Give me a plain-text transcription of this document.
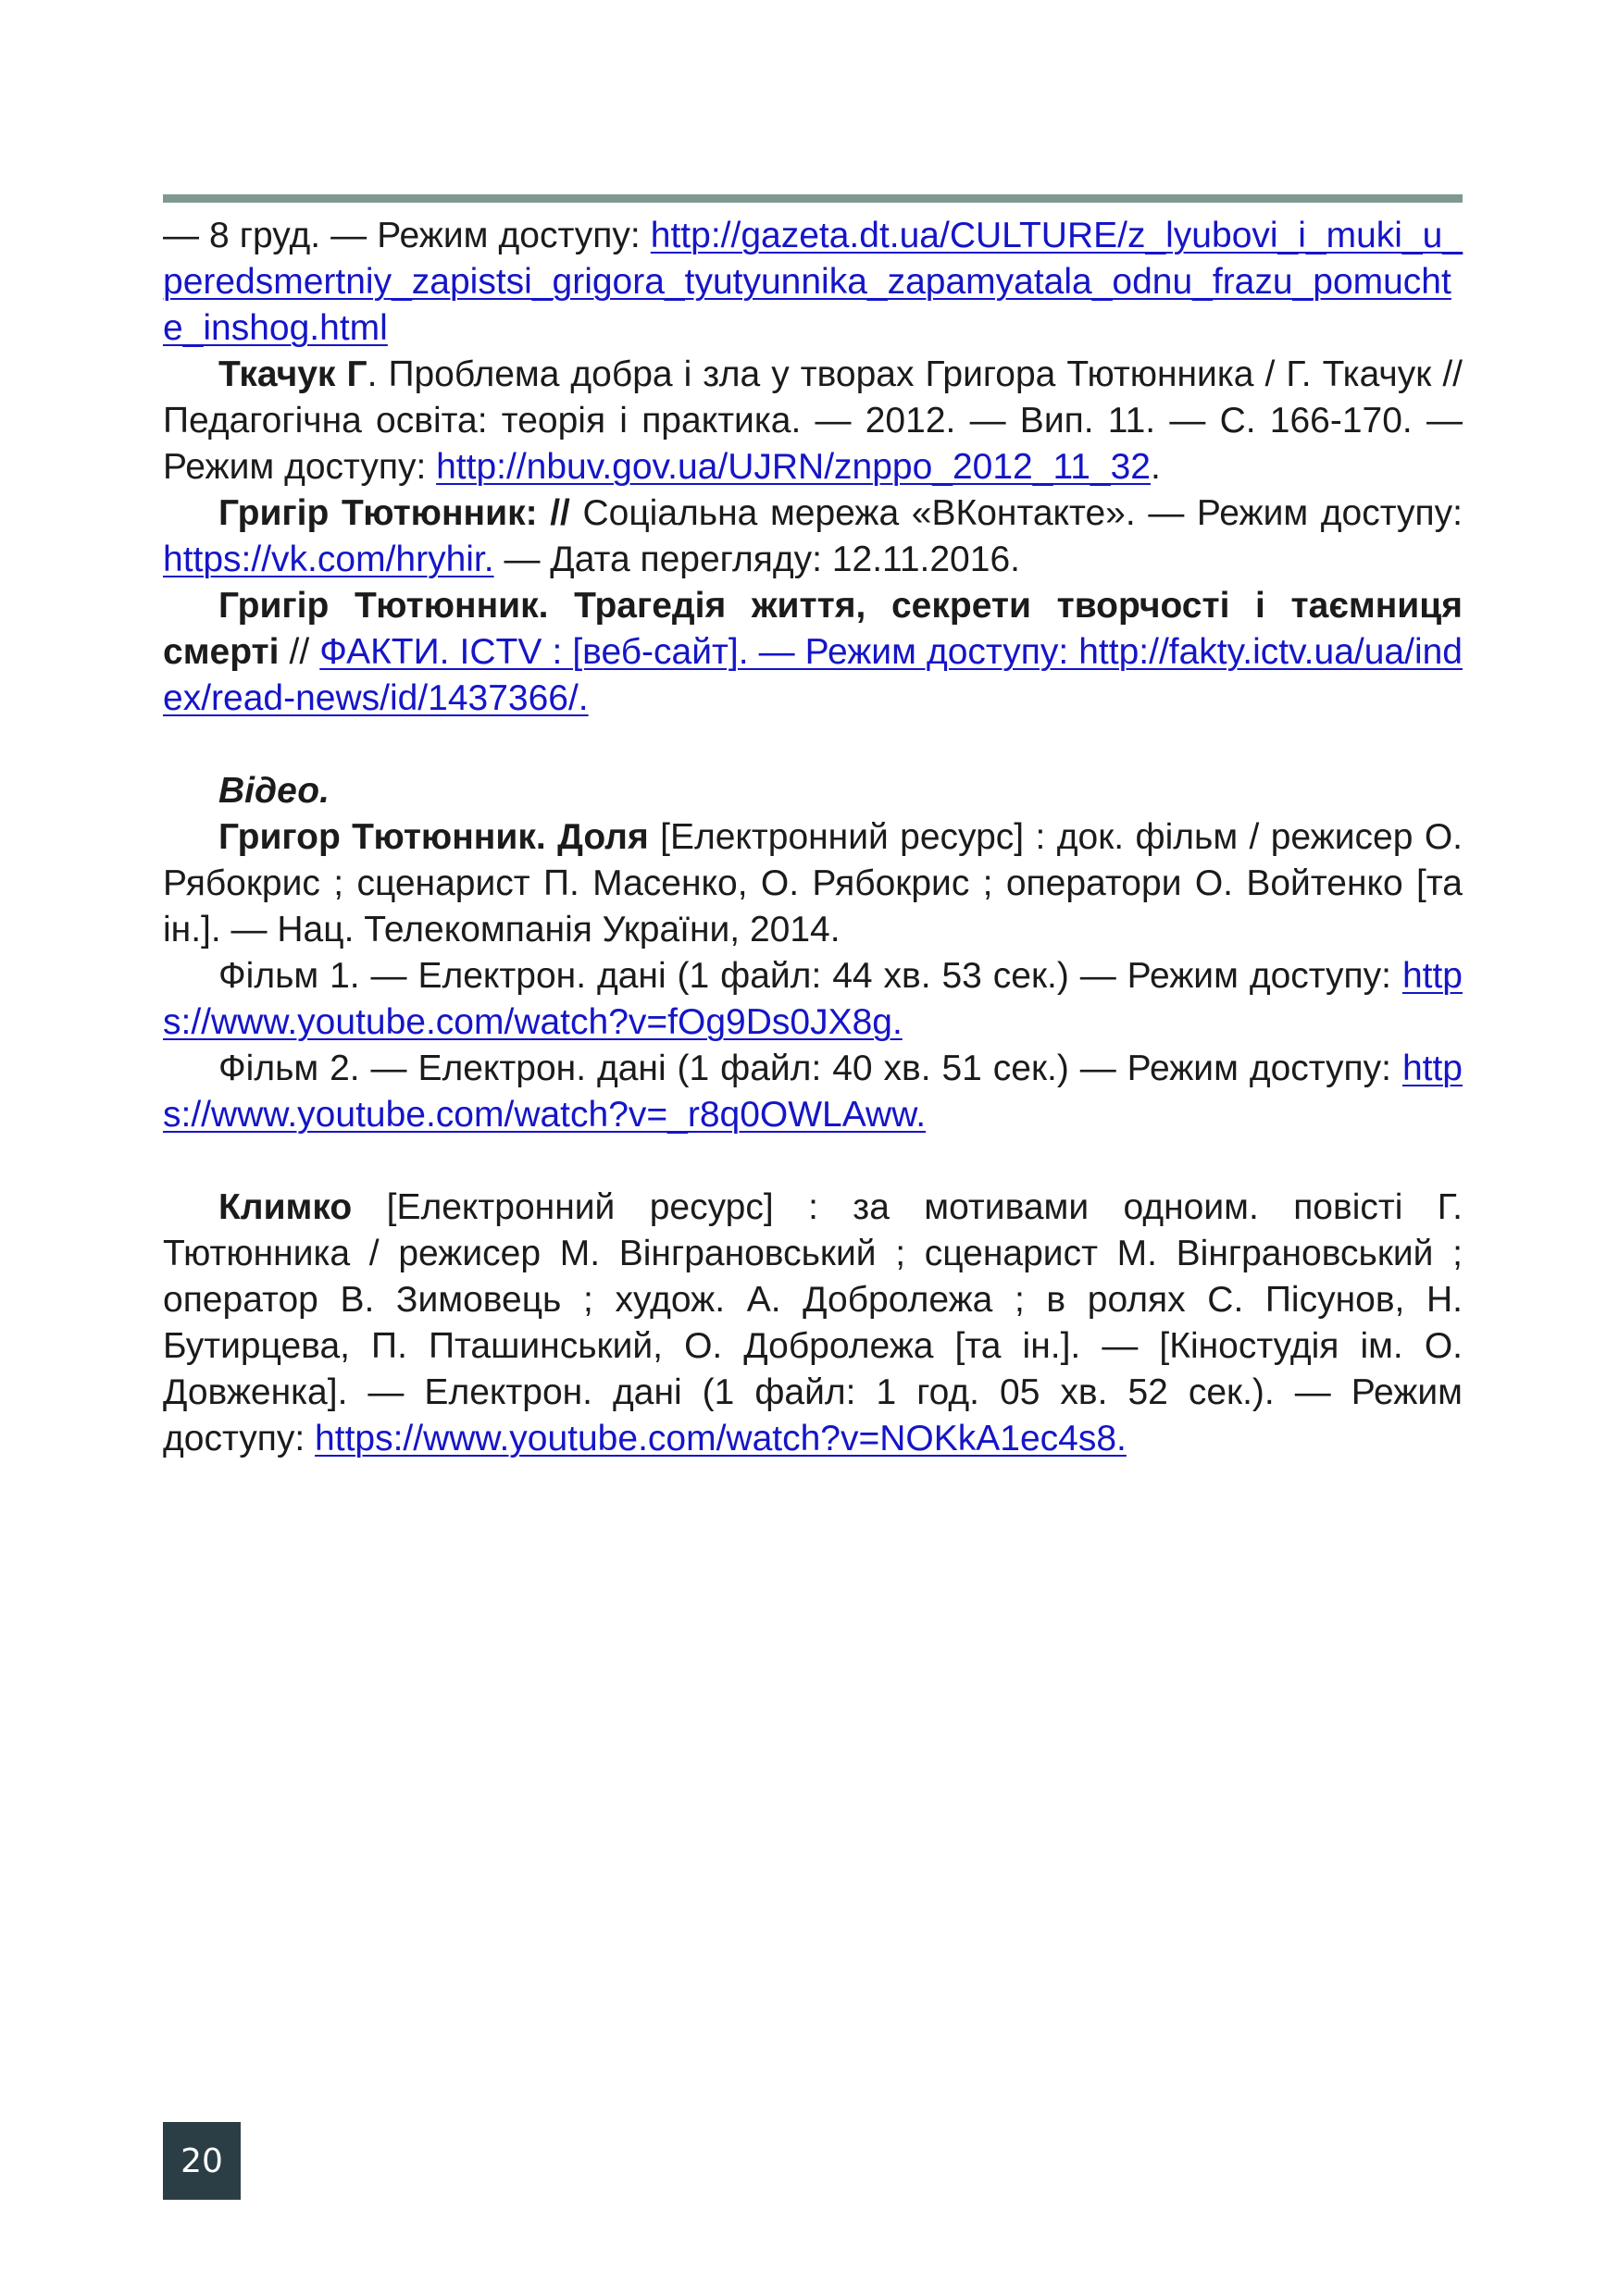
— 8 груд. — Режим доступу: http://gazeta.dt.ua/CULTURE/z_lyubovi_i_muki_u_peredsmertniy_zapistsi_grigora_tyutyunnika_zapamyatala_odnu_frazu_pomuchte_inshog.html

Ткачук Г. Проблема добра і зла у творах Григора Тютюнника / Г. Ткачук // Педагогічна освіта: теорія і практика. — 2012. — Вип. 11. — С. 166-170. — Режим доступу: http://nbuv.gov.ua/UJRN/znppo_2012_11_32.

Григір Тютюнник: // Соціальна мережа «ВКонтакте». — Режим доступу: https://vk.com/hryhir. — Дата перегляду: 12.11.2016.

Григір Тютюнник. Трагедія життя, секрети творчості і таємниця смерті // ФАКТИ. ICTV : [веб-сайт]. — Режим доступу: http://fakty.ictv.ua/ua/index/read-news/id/1437366/.

Відео.

Григор Тютюнник. Доля [Електронний ресурс] : док. фільм / режисер О. Рябокрис ; сценарист П. Масенко, О. Рябокрис ; оператори О. Войтенко [та ін.]. — Нац. Телекомпанія України, 2014.

Фільм 1. — Електрон. дані (1 файл: 44 хв. 53 сек.) — Режим доступу: https://www.youtube.com/watch?v=fOg9Ds0JX8g.

Фільм 2. — Електрон. дані (1 файл: 40 хв. 51 сек.) — Режим доступу: https://www.youtube.com/watch?v=_r8q0OWLAww.

Климко [Електронний ресурс] : за мотивами одноим. повісті Г. Тютюнника / режисер М. Вінграновський ; сценарист М. Вінграновський ; оператор В. Зимовець ; худож. А. Добролежа ; в ролях С. Пісунов, Н. Бутирцева, П. Пташинський, О. Добролежа [та ін.]. — [Кіностудія ім. О. Довженка]. — Електрон. дані (1 файл: 1 год. 05 хв. 52 сек.). — Режим доступу: https://www.youtube.com/watch?v=NOKkA1ec4s8.

20
